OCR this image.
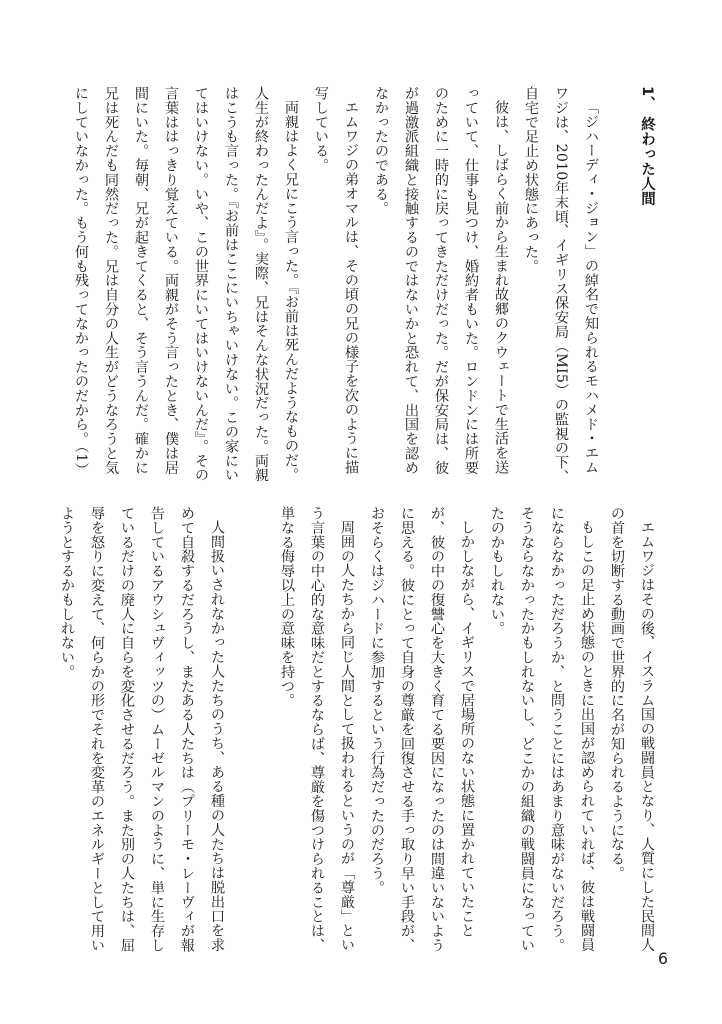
1、 終わった人間

「ジハーディ・ジョン」の綽名で知られるモハメド・エムワジは、2010年末頃、イギリス保安局（MI5）の監視の下、自宅で足止め状態にあった。

彼は、しばらく前から生まれ故郷のクウェートで生活を送っていて、仕事も見つけ、婚約者もいた。ロンドンには所要のために一時的に戻ってきただけだった。だが保安局は、彼が過激派組織と接触するのではないかと恐れて、出国を認めなかったのである。

エムワジの弟オマルは、その頃の兄の様子を次のように描写している。

両親はよく兄にこう言った。『お前は死んだようなものだ。人生が終わったんだよ』。実際、兄はそんな状況だった。両親はこうも言った。『お前はここにいちゃいけない。この家にいてはいけない。いや、この世界にいてはいけないんだ』。その言葉ははっきり覚えている。両親がそう言ったとき、僕は居間にいた。毎朝、兄が起きてくると、そう言うんだ。確かに兄は死んだも同然だった。兄は自分の人生がどうなろうと気にしていなかった。もう何も残ってなかったのだから。（1）

エムワジはその後、イスラム国の戦闘員となり、人質にした民間人の首を切断する動画で世界的に名が知られるようになる。

もしこの足止め状態のときに出国が認められていれば、彼は戦闘員にならなかっただろうか、と問うことにはあまり意味がないだろう。そうならなかったかもしれないし、どこかの組織の戦闘員になっていたのかもしれない。

しかしながら、イギリスで居場所のない状態に置かれていたことが、彼の中の復讐心を大きく育てる要因になったのは間違いないように思える。彼にとって自身の尊厳を回復させる手っ取り早い手段が、おそらくはジハードに参加するという行為だったのだろう。

周囲の人たちから同じ人間として扱われるというのが「尊厳」という言葉の中心的な意味だとするならば、尊厳を傷つけられることは、単なる侮辱以上の意味を持つ。

人間扱いされなかった人たちのうち、ある種の人たちは脱出口を求めて自殺するだろうし、またある人たちは（プリーモ・レーヴィが報告しているアウシュヴィッツの）ムーゼルマンのように、単に生存しているだけの廃人に自らを変化させるだろう。また別の人たちは、屈辱を怒りに変えて、何らかの形でそれを変革のエネルギーとして用いようとするかもしれない。

6
